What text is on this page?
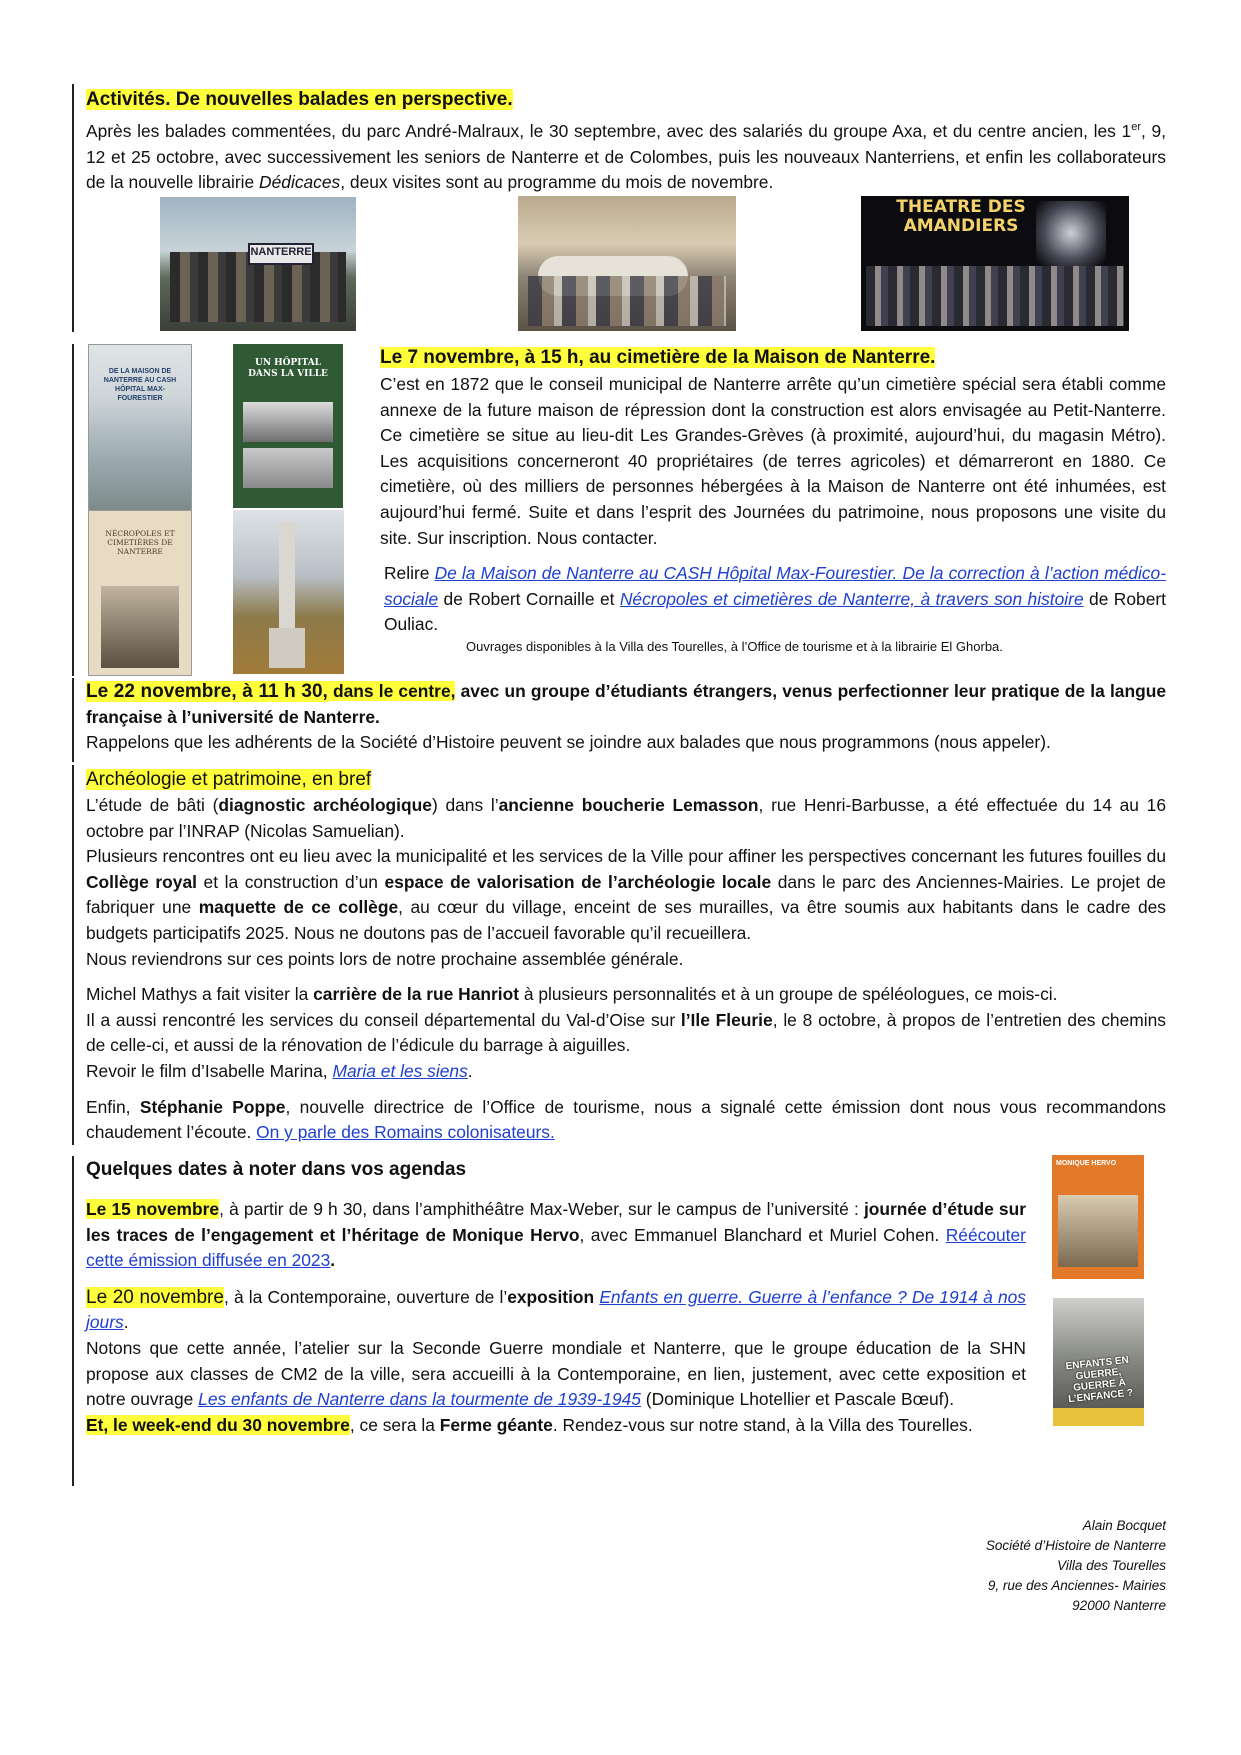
Activités. De nouvelles balades en perspective.

Après les balades commentées, du parc André-Malraux, le 30 septembre, avec des salariés du groupe Axa, et du centre ancien, les 1er, 9, 12 et 25 octobre, avec successivement les seniors de Nanterre et de Colombes, puis les nouveaux Nanterriens, et enfin les collaborateurs de la nouvelle librairie Dédicaces, deux visites sont au programme du mois de novembre.

NANTERRE
THEATRE DES AMANDIERS
DE LA MAISON DE NANTERRE AU CASH HÔPITAL MAX-FOURESTIER
UN HÔPITAL DANS LA VILLE
NÉCROPOLES ET CIMETIÈRES DE NANTERRE

Le 7 novembre, à 15 h, au cimetière de la Maison de Nanterre.

C’est en 1872 que le conseil municipal de Nanterre arrête qu’un cimetière spécial sera établi comme annexe de la future maison de répression dont la construction est alors envisagée au Petit-Nanterre. Ce cimetière se situe au lieu-dit Les Grandes-Grèves (à proximité, aujourd’hui, du magasin Métro). Les acquisitions concerneront 40 propriétaires (de terres agricoles) et démarreront en 1880. Ce cimetière, où des milliers de personnes hébergées à la Maison de Nanterre ont été inhumées, est aujourd’hui fermé. Suite et dans l’esprit des Journées du patrimoine, nous proposons une visite du site. Sur inscription. Nous contacter.

Relire De la Maison de Nanterre au CASH Hôpital Max-Fourestier. De la correction à l’action médico-sociale de Robert Cornaille et Nécropoles et cimetières de Nanterre, à travers son histoire de Robert Ouliac.

Ouvrages disponibles à la Villa des Tourelles, à l’Office de tourisme et à la librairie El Ghorba.

Le 22 novembre, à 11 h 30, dans le centre, avec un groupe d’étudiants étrangers, venus perfectionner leur pratique de la langue française à l’université de Nanterre.

Rappelons que les adhérents de la Société d’Histoire peuvent se joindre aux balades que nous programmons (nous appeler).

Archéologie et patrimoine, en bref

L’étude de bâti (diagnostic archéologique) dans l’ancienne boucherie Lemasson, rue Henri-Barbusse, a été effectuée du 14 au 16 octobre par l’INRAP (Nicolas Samuelian).

Plusieurs rencontres ont eu lieu avec la municipalité et les services de la Ville pour affiner les perspectives concernant les futures fouilles du Collège royal et la construction d’un espace de valorisation de l’archéologie locale dans le parc des Anciennes-Mairies. Le projet de fabriquer une maquette de ce collège, au cœur du village, enceint de ses murailles, va être soumis aux habitants dans le cadre des budgets participatifs 2025. Nous ne doutons pas de l’accueil favorable qu’il recueillera.

Nous reviendrons sur ces points lors de notre prochaine assemblée générale.

Michel Mathys a fait visiter la carrière de la rue Hanriot à plusieurs personnalités et à un groupe de spéléologues, ce mois-ci.

Il a aussi rencontré les services du conseil départemental du Val-d’Oise sur l’Ile Fleurie, le 8 octobre, à propos de l’entretien des chemins de celle-ci, et aussi de la rénovation de l’édicule du barrage à aiguilles.

Revoir le film d’Isabelle Marina, Maria et les siens.

Enfin, Stéphanie Poppe, nouvelle directrice de l’Office de tourisme, nous a signalé cette émission dont nous vous recommandons chaudement l’écoute. On y parle des Romains colonisateurs.

Quelques dates à noter dans vos agendas

Le 15 novembre, à partir de 9 h 30, dans l’amphithéâtre Max-Weber, sur le campus de l’université : journée d’étude sur les traces de l’engagement et l’héritage de Monique Hervo, avec Emmanuel Blanchard et Muriel Cohen. Réécouter cette émission diffusée en 2023.

Le 20 novembre, à la Contemporaine, ouverture de l’exposition Enfants en guerre. Guerre à l’enfance ? De 1914 à nos jours.

Notons que cette année, l’atelier sur la Seconde Guerre mondiale et Nanterre, que le groupe éducation de la SHN propose aux classes de CM2 de la ville, sera accueilli à la Contemporaine, en lien, justement, avec cette exposition et notre ouvrage Les enfants de Nanterre dans la tourmente de 1939-1945 (Dominique Lhotellier et Pascale Bœuf).

Et, le week-end du 30 novembre, ce sera la Ferme géante. Rendez-vous sur notre stand, à la Villa des Tourelles.

MONIQUE HERVO
ENFANTS EN GUERRE, GUERRE À L’ENFANCE ?
Alain Bocquet
Société d’Histoire de Nanterre
Villa des Tourelles
9, rue des Anciennes- Mairies
92000 Nanterre
